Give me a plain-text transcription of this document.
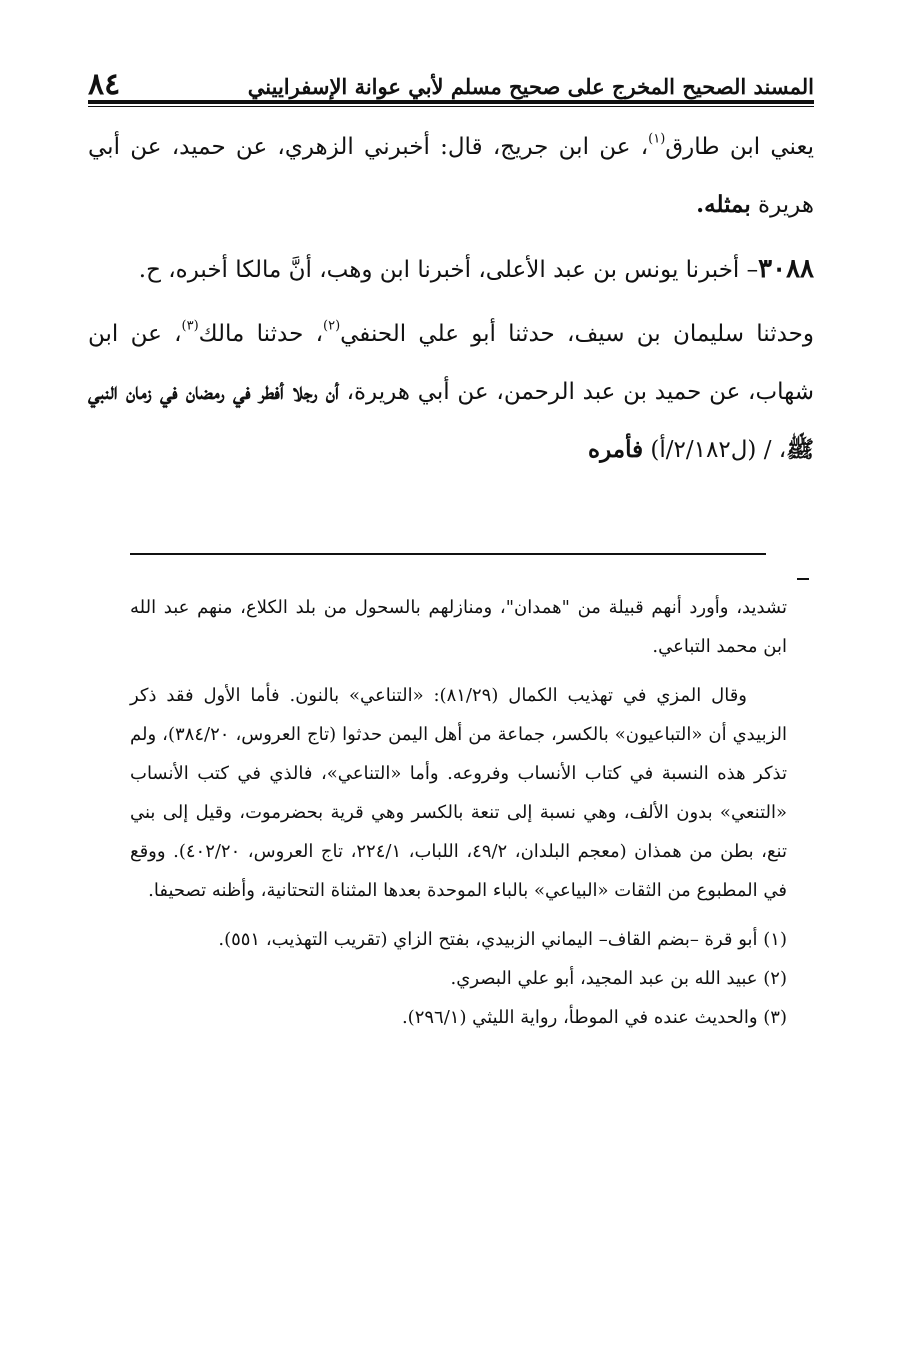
المسند الصحيح المخرج على صحيح مسلم لأبي عوانة الإسفراييني
٨٤

يعني ابن طارق$^{(١)}$، عن ابن جريج، قال: أخبرني الزهري، عن حميد، عن أبي هريرة بمثله.

٣٠٨٨– أخبرنا يونس بن عبد الأعلى، أخبرنا ابن وهب، أنَّ مالكا أخبره، ح.

وحدثنا سليمان بن سيف، حدثنا أبو علي الحنفي$^{(٢)}$، حدثنا مالك$^{(٣)}$، عن ابن شهاب، عن حميد بن عبد الرحمن، عن أبي هريرة، أن رجلا أفطر في رمضان في زمان النبي ﷺ، / (ل٢/١٨٢/أ) فأمره

تشديد، وأورد أنهم قبيلة من "همدان"، ومنازلهم بالسحول من بلد الكلاع، منهم عبد الله ابن محمد التباعي.

وقال المزي في تهذيب الكمال (٨١/٢٩): «التناعي» بالنون. فأما الأول فقد ذكر الزبيدي أن «التباعيون» بالكسر، جماعة من أهل اليمن حدثوا (تاج العروس، ٣٨٤/٢٠)، ولم تذكر هذه النسبة في كتاب الأنساب وفروعه. وأما «التناعي»، فالذي في كتب الأنساب «التنعي» بدون الألف، وهي نسبة إلى تنعة بالكسر وهي قرية بحضرموت، وقيل إلى بني تنع، بطن من همذان (معجم البلدان، ٤٩/٢، اللباب، ٢٢٤/١، تاج العروس، ٤٠٢/٢٠). ووقع في المطبوع من الثقات «البياعي» بالباء الموحدة بعدها المثناة التحتانية، وأظنه تصحيفا.

(١) أبو قرة –بضم القاف– اليماني الزبيدي، بفتح الزاي (تقريب التهذيب، ٥٥١).

(٢) عبيد الله بن عبد المجيد، أبو علي البصري.

(٣) والحديث عنده في الموطأ، رواية الليثي (٢٩٦/١).
